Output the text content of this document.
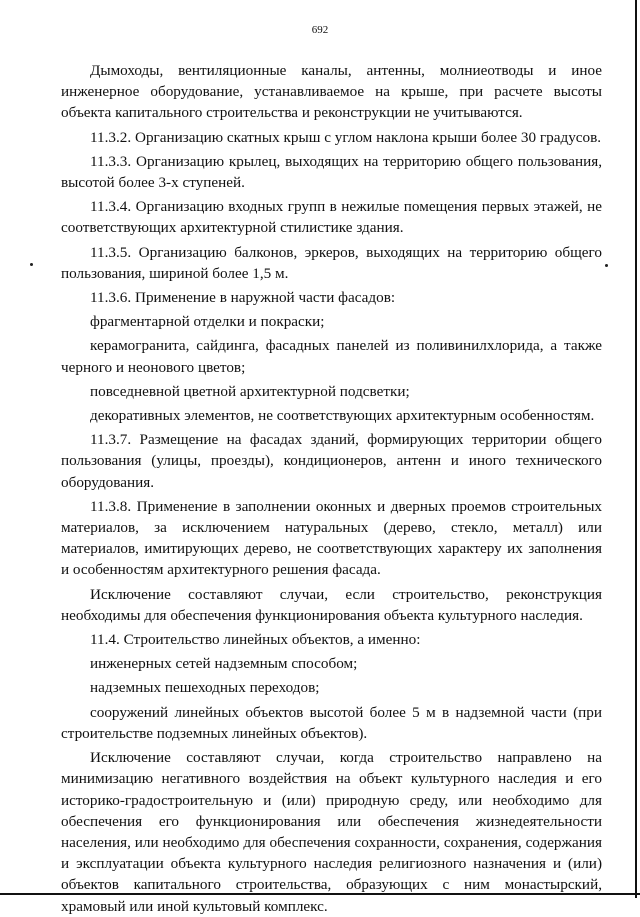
692

Дымоходы, вентиляционные каналы, антенны, молниеотводы и иное инженерное оборудование, устанавливаемое на крыше, при расчете высоты объекта капитального строительства и реконструкции не учитываются.

11.3.2. Организацию скатных крыш с углом наклона крыши более 30 градусов.

11.3.3. Организацию крылец, выходящих на территорию общего пользования, высотой более 3-х ступеней.

11.3.4. Организацию входных групп в нежилые помещения первых этажей, не соответствующих архитектурной стилистике здания.

11.3.5. Организацию балконов, эркеров, выходящих на территорию общего пользования, шириной более 1,5 м.

11.3.6. Применение в наружной части фасадов:

фрагментарной отделки и покраски;

керамогранита, сайдинга, фасадных панелей из поливинилхлорида, а также черного и неонового цветов;

повседневной цветной архитектурной подсветки;

декоративных элементов, не соответствующих архитектурным особенностям.

11.3.7. Размещение на фасадах зданий, формирующих территории общего пользования (улицы, проезды), кондиционеров, антенн и иного технического оборудования.

11.3.8. Применение в заполнении оконных и дверных проемов строительных материалов, за исключением натуральных (дерево, стекло, металл) или материалов, имитирующих дерево, не соответствующих характеру их заполнения и особенностям архитектурного решения фасада.

Исключение составляют случаи, если строительство, реконструкция необходимы для обеспечения функционирования объекта культурного наследия.

11.4. Строительство линейных объектов, а именно:

инженерных сетей надземным способом;

надземных пешеходных переходов;

сооружений линейных объектов высотой более 5 м в надземной части (при строительстве подземных линейных объектов).

Исключение составляют случаи, когда строительство направлено на минимизацию негативного воздействия на объект культурного наследия и его историко-градостроительную и (или) природную среду, или необходимо для обеспечения его функционирования или обеспечения жизнедеятельности населения, или необходимо для обеспечения сохранности, сохранения, содержания и эксплуатации объекта культурного наследия религиозного назначения и (или) объектов капитального строительства, образующих с ним монастырский, храмовый или иной культовый комплекс.
